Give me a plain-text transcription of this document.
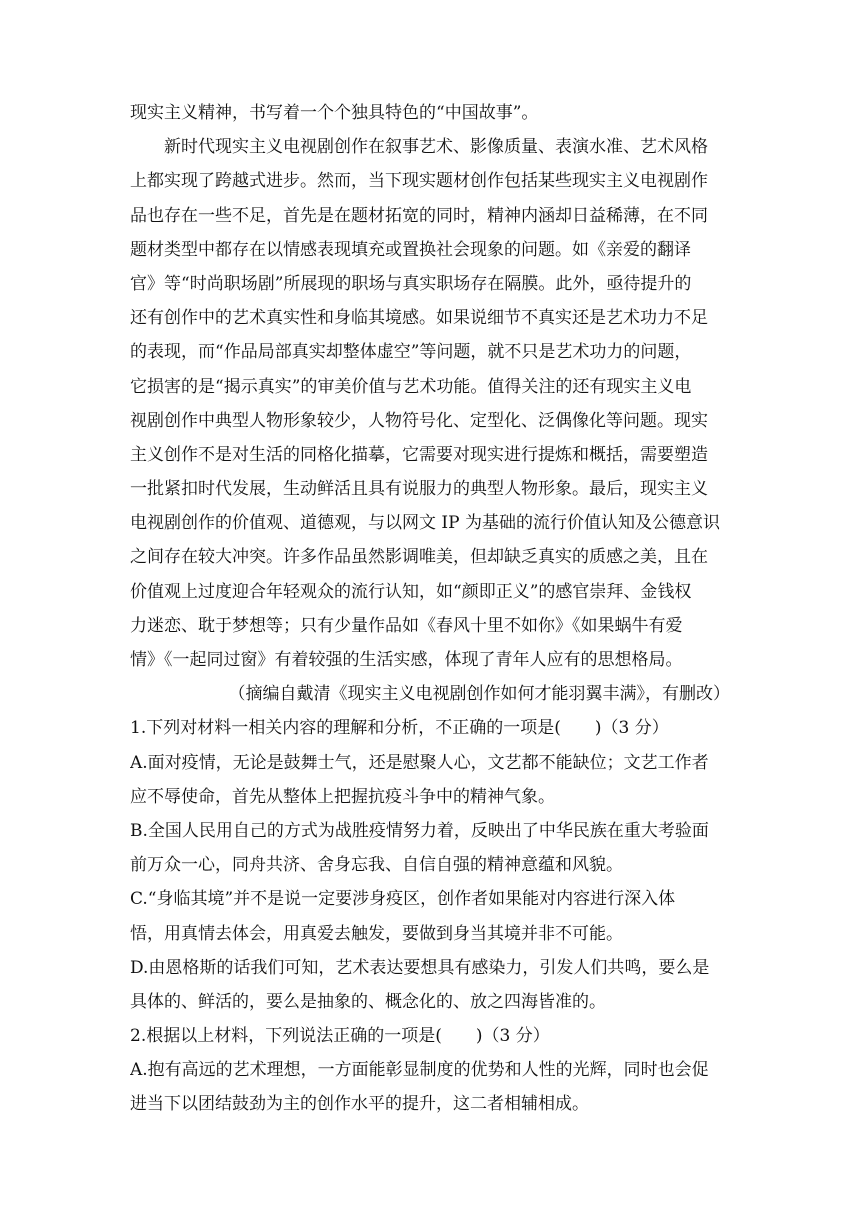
现实主义精神，书写着一个个独具特色的“中国故事”。
新时代现实主义电视剧创作在叙事艺术、影像质量、表演水准、艺术风格
上都实现了跨越式进步。然而，当下现实题材创作包括某些现实主义电视剧作
品也存在一些不足，首先是在题材拓宽的同时，精神内涵却日益稀薄，在不同
题材类型中都存在以情感表现填充或置换社会现象的问题。如《亲爱的翻译
官》等“时尚职场剧”所展现的职场与真实职场存在隔膜。此外，亟待提升的
还有创作中的艺术真实性和身临其境感。如果说细节不真实还是艺术功力不足
的表现，而“作品局部真实却整体虚空”等问题，就不只是艺术功力的问题，
它损害的是“揭示真实”的审美价值与艺术功能。值得关注的还有现实主义电
视剧创作中典型人物形象较少，人物符号化、定型化、泛偶像化等问题。现实
主义创作不是对生活的同格化描摹，它需要对现实进行提炼和概括，需要塑造
一批紧扣时代发展，生动鲜活且具有说服力的典型人物形象。最后，现实主义
电视剧创作的价值观、道德观，与以网文 IP 为基础的流行价值认知及公德意识
之间存在较大冲突。许多作品虽然影调唯美，但却缺乏真实的质感之美，且在
价值观上过度迎合年轻观众的流行认知，如“颜即正义”的感官崇拜、金钱权
力迷恋、耽于梦想等；只有少量作品如《春风十里不如你》《如果蜗牛有爱
情》《一起同过窗》有着较强的生活实感，体现了青年人应有的思想格局。
（摘编自戴清《现实主义电视剧创作如何才能羽翼丰满》，有删改）
1.下列对材料一相关内容的理解和分析，不正确的一项是(　　)（3 分）
A.面对疫情，无论是鼓舞士气，还是慰聚人心，文艺都不能缺位；文艺工作者
应不辱使命，首先从整体上把握抗疫斗争中的精神气象。
B.全国人民用自己的方式为战胜疫情努力着，反映出了中华民族在重大考验面
前万众一心，同舟共济、舍身忘我、自信自强的精神意蕴和风貌。
C.“身临其境”并不是说一定要涉身疫区，创作者如果能对内容进行深入体
悟，用真情去体会，用真爱去触发，要做到身当其境并非不可能。
D.由恩格斯的话我们可知，艺术表达要想具有感染力，引发人们共鸣，要么是
具体的、鲜活的，要么是抽象的、概念化的、放之四海皆准的。
2.根据以上材料，下列说法正确的一项是(　　)（3 分）
A.抱有高远的艺术理想，一方面能彰显制度的优势和人性的光辉，同时也会促
进当下以团结鼓劲为主的创作水平的提升，这二者相辅相成。
